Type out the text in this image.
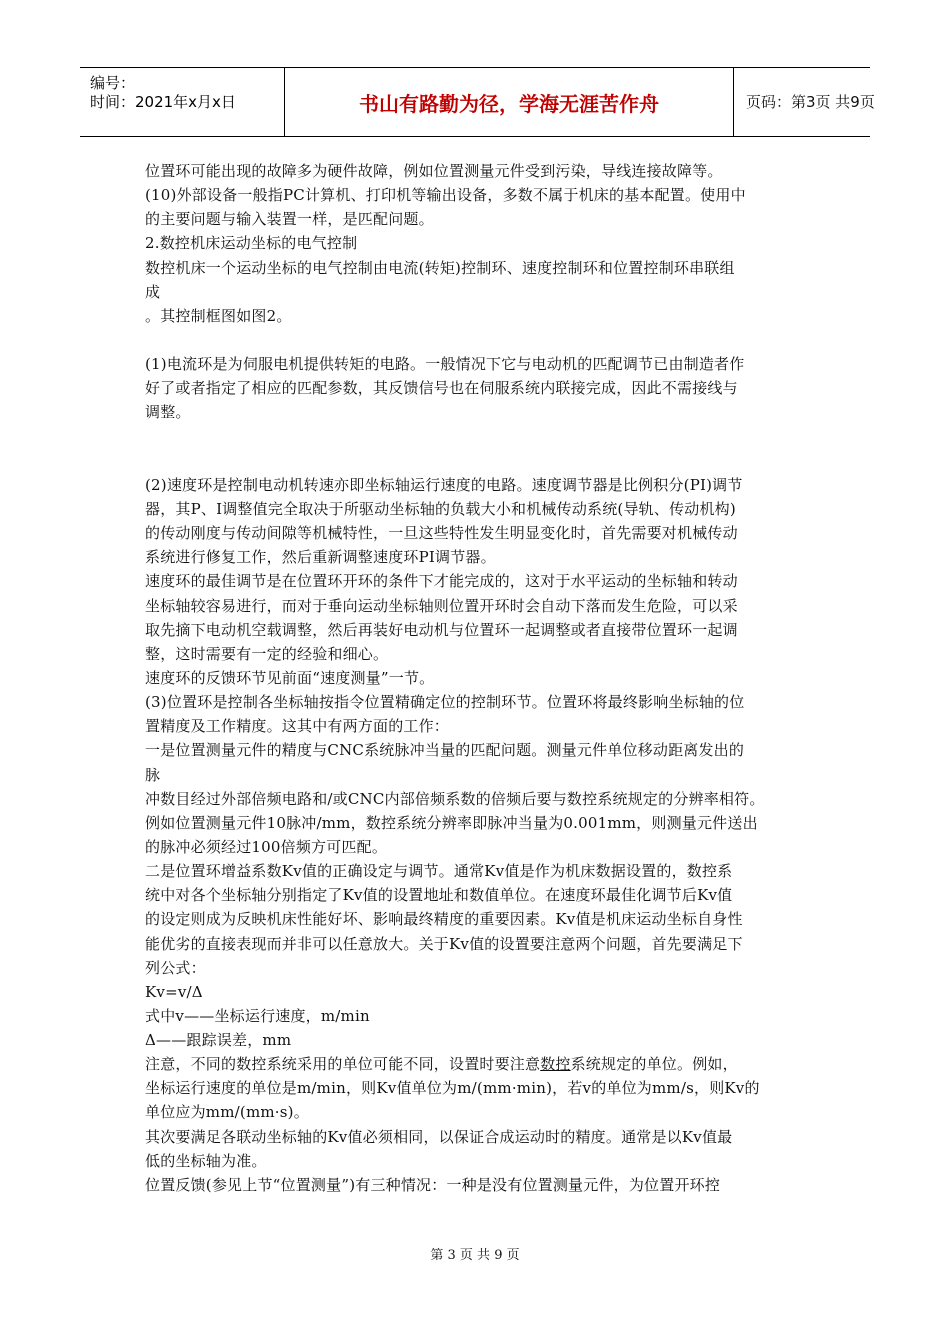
编号：
时间：2021年x月x日	书山有路勤为径，学海无涯苦作舟	页码：第3页 共9页
位置环可能出现的故障多为硬件故障，例如位置测量元件受到污染，导线连接故障等。
(10)外部设备一般指PC计算机、打印机等输出设备，多数不属于机床的基本配置。使用中
的主要问题与输入装置一样，是匹配问题。
2.数控机床运动坐标的电气控制
数控机床一个运动坐标的电气控制由电流(转矩)控制环、速度控制环和位置控制环串联组
成
。其控制框图如图2。
(1)电流环是为伺服电机提供转矩的电路。一般情况下它与电动机的匹配调节已由制造者作
好了或者指定了相应的匹配参数，其反馈信号也在伺服系统内联接完成，因此不需接线与
调整。
(2)速度环是控制电动机转速亦即坐标轴运行速度的电路。速度调节器是比例积分(PI)调节
器，其P、I调整值完全取决于所驱动坐标轴的负载大小和机械传动系统(导轨、传动机构)
的传动刚度与传动间隙等机械特性，一旦这些特性发生明显变化时，首先需要对机械传动
系统进行修复工作，然后重新调整速度环PI调节器。
速度环的最佳调节是在位置环开环的条件下才能完成的，这对于水平运动的坐标轴和转动
坐标轴较容易进行，而对于垂向运动坐标轴则位置开环时会自动下落而发生危险，可以采
取先摘下电动机空载调整，然后再装好电动机与位置环一起调整或者直接带位置环一起调
整，这时需要有一定的经验和细心。
速度环的反馈环节见前面“速度测量”一节。
(3)位置环是控制各坐标轴按指令位置精确定位的控制环节。位置环将最终影响坐标轴的位
置精度及工作精度。这其中有两方面的工作：
一是位置测量元件的精度与CNC系统脉冲当量的匹配问题。测量元件单位移动距离发出的
脉
冲数目经过外部倍频电路和/或CNC内部倍频系数的倍频后要与数控系统规定的分辨率相符。
例如位置测量元件10脉冲/mm，数控系统分辨率即脉冲当量为0.001mm，则测量元件送出
的脉冲必须经过100倍频方可匹配。
二是位置环增益系数Kv值的正确设定与调节。通常Kv值是作为机床数据设置的，数控系
统中对各个坐标轴分别指定了Kv值的设置地址和数值单位。在速度环最佳化调节后Kv值
的设定则成为反映机床性能好坏、影响最终精度的重要因素。Kv值是机床运动坐标自身性
能优劣的直接表现而并非可以任意放大。关于Kv值的设置要注意两个问题，首先要满足下
列公式：
Kv=v/Δ
式中v——坐标运行速度，m/min
Δ——跟踪误差，mm
注意，不同的数控系统采用的单位可能不同，设置时要注意数控系统规定的单位。例如，
坐标运行速度的单位是m/min，则Kv值单位为m/(mm·min)，若v的单位为mm/s，则Kv的
单位应为mm/(mm·s)。
其次要满足各联动坐标轴的Kv值必须相同，以保证合成运动时的精度。通常是以Kv值最
低的坐标轴为准。
位置反馈(参见上节“位置测量”)有三种情况：一种是没有位置测量元件，为位置开环控
第 3 页 共 9 页
